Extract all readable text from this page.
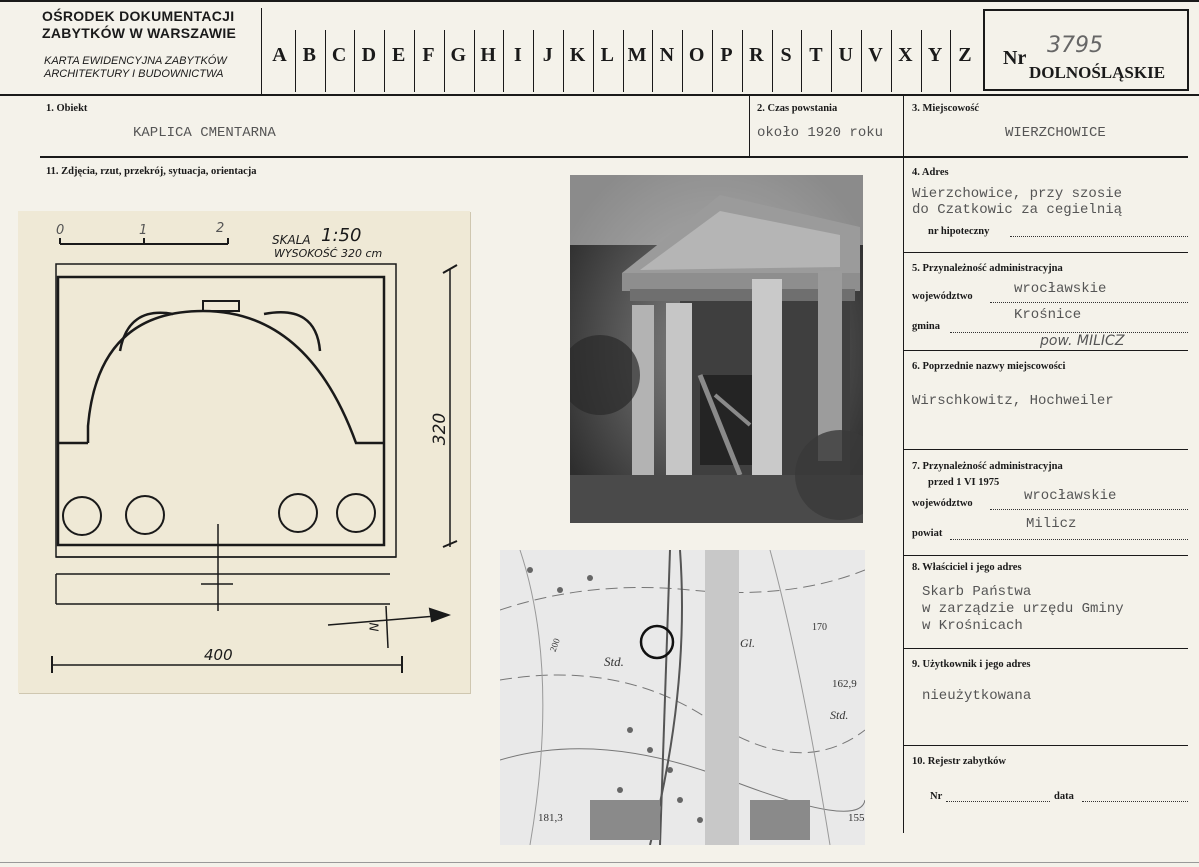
OŚRODEK DOKUMENTACJI
ZABYTKÓW W WARSZAWIE
KARTA EWIDENCYJNA ZABYTKÓW
ARCHITEKTURY I BUDOWNICTWA
A B C D E F G H I	J K L M N O P R S T U V X Y Z	Nr 3795
DOLNOŚLĄSKIE
1. Obiekt
KAPLICA CMENTARNA
2. Czas powstania
około 1920 roku
3. Miejscowość
WIERZCHOWICE
11. Zdjęcia, rzut, przekrój, sytuacja, orientacja	4. Adres
Wierzchowice, przy szosie
do Czatkowic za cegielnią
nr hipoteczny
5. Przynależność administracyjna
województwo	wrocławskie
gmina
Krośnice
pow. MILICZ
6. Poprzednie nazwy miejscowości
Wirschkowitz, Hochweiler
7. Przynależność administracyjna
przed 1 VI 1975
województwo	wrocławskie
powiat
Milicz
8. Właściciel i jego adres
Skarb Państwa
w zarządzie urzędu Gminy
w Krośnicach
9. Użytkownik i jego adres
nieużytkowana
10. Rejestr zabytków
Nr	data
0	1	2
SKALA 1:50
WYSOKOŚĆ 320 cm
320
400
N
Std.
Gl.
170
162,9
Std.
200
181,3	155
